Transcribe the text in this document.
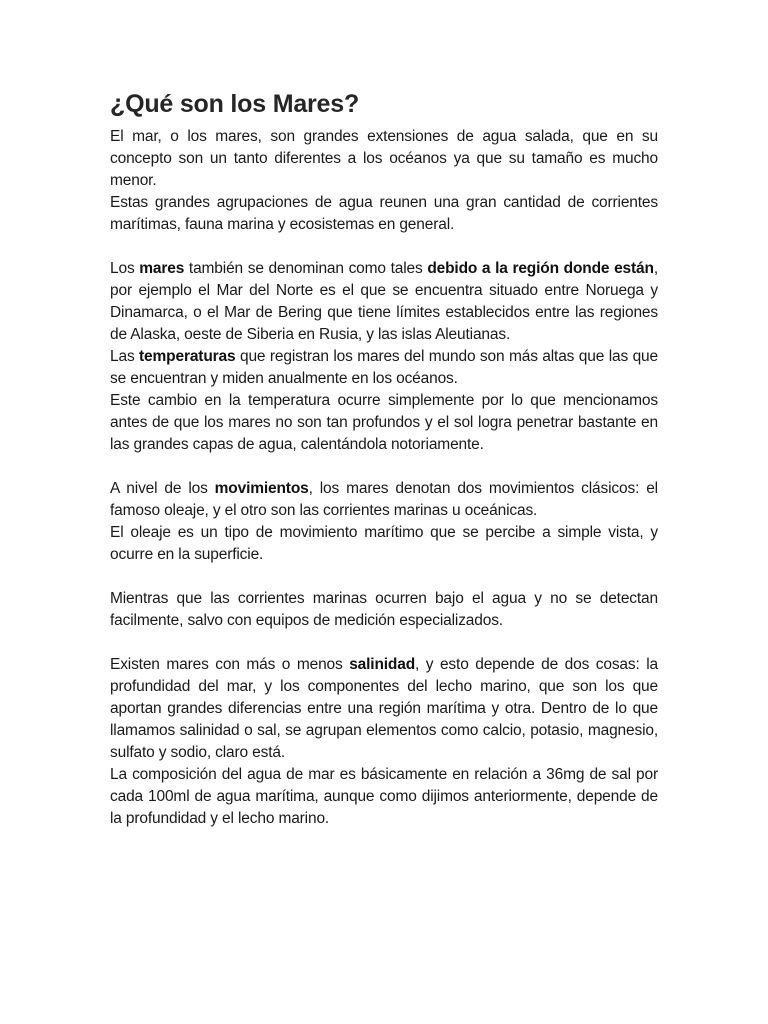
¿Qué son los Mares?

El mar, o los mares, son grandes extensiones de agua salada, que en su concepto son un tanto diferentes a los océanos ya que su tamaño es mucho menor.

Estas grandes agrupaciones de agua reunen una gran cantidad de corrientes marítimas, fauna marina y ecosistemas en general.

Los mares también se denominan como tales debido a la región donde están, por ejemplo el Mar del Norte es el que se encuentra situado entre Noruega y Dinamarca, o el Mar de Bering que tiene límites establecidos entre las regiones de Alaska, oeste de Siberia en Rusia, y las islas Aleutianas.

Las temperaturas que registran los mares del mundo son más altas que las que se encuentran y miden anualmente en los océanos.

Este cambio en la temperatura ocurre simplemente por lo que mencionamos antes de que los mares no son tan profundos y el sol logra penetrar bastante en las grandes capas de agua, calentándola notoriamente.

A nivel de los movimientos, los mares denotan dos movimientos clásicos: el famoso oleaje, y el otro son las corrientes marinas u oceánicas.

El oleaje es un tipo de movimiento marítimo que se percibe a simple vista, y ocurre en la superficie.

Mientras que las corrientes marinas ocurren bajo el agua y no se detectan facilmente, salvo con equipos de medición especializados.

Existen mares con más o menos salinidad, y esto depende de dos cosas: la profundidad del mar, y los componentes del lecho marino, que son los que aportan grandes diferencias entre una región marítima y otra. Dentro de lo que llamamos salinidad o sal, se agrupan elementos como calcio, potasio, magnesio, sulfato y sodio, claro está.

La composición del agua de mar es básicamente en relación a 36mg de sal por cada 100ml de agua marítima, aunque como dijimos anteriormente, depende de la profundidad y el lecho marino.
